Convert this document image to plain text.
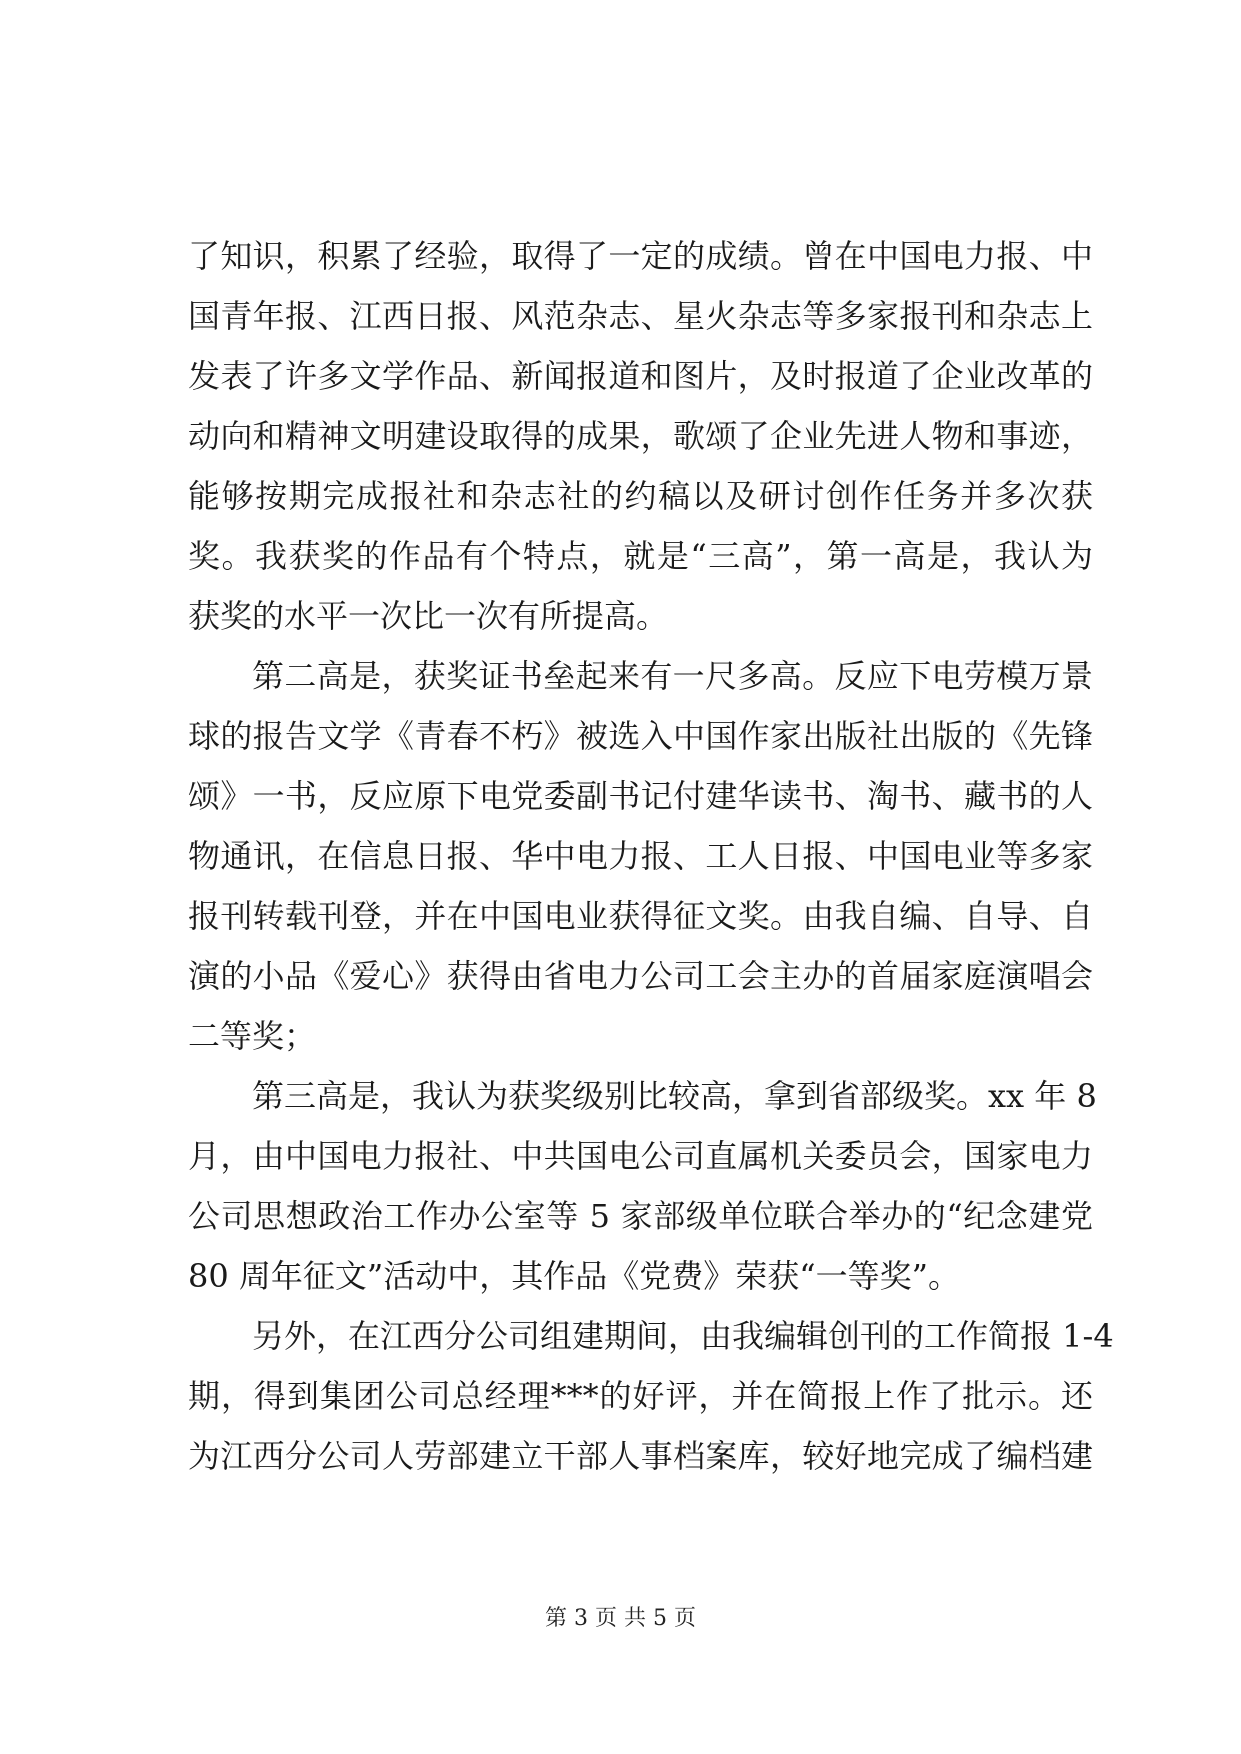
了知识，积累了经验，取得了一定的成绩。曾在中国电力报、中
国青年报、江西日报、风范杂志、星火杂志等多家报刊和杂志上
发表了许多文学作品、新闻报道和图片，及时报道了企业改革的
动向和精神文明建设取得的成果，歌颂了企业先进人物和事迹，
能够按期完成报社和杂志社的约稿以及研讨创作任务并多次获
奖。我获奖的作品有个特点，就是“三高”，第一高是，我认为
获奖的水平一次比一次有所提高。
第二高是，获奖证书垒起来有一尺多高。反应下电劳模万景
球的报告文学《青春不朽》被选入中国作家出版社出版的《先锋
颂》一书，反应原下电党委副书记付建华读书、淘书、藏书的人
物通讯，在信息日报、华中电力报、工人日报、中国电业等多家
报刊转载刊登，并在中国电业获得征文奖。由我自编、自导、自
演的小品《爱心》获得由省电力公司工会主办的首届家庭演唱会
二等奖；
第三高是，我认为获奖级别比较高，拿到省部级奖。xx 年 8
月，由中国电力报社、中共国电公司直属机关委员会，国家电力
公司思想政治工作办公室等 5 家部级单位联合举办的“纪念建党
80 周年征文”活动中，其作品《党费》荣获“一等奖”。
另外，在江西分公司组建期间，由我编辑创刊的工作简报 1-4
期，得到集团公司总经理***的好评，并在简报上作了批示。还
为江西分公司人劳部建立干部人事档案库，较好地完成了编档建
第 3 页 共 5 页
